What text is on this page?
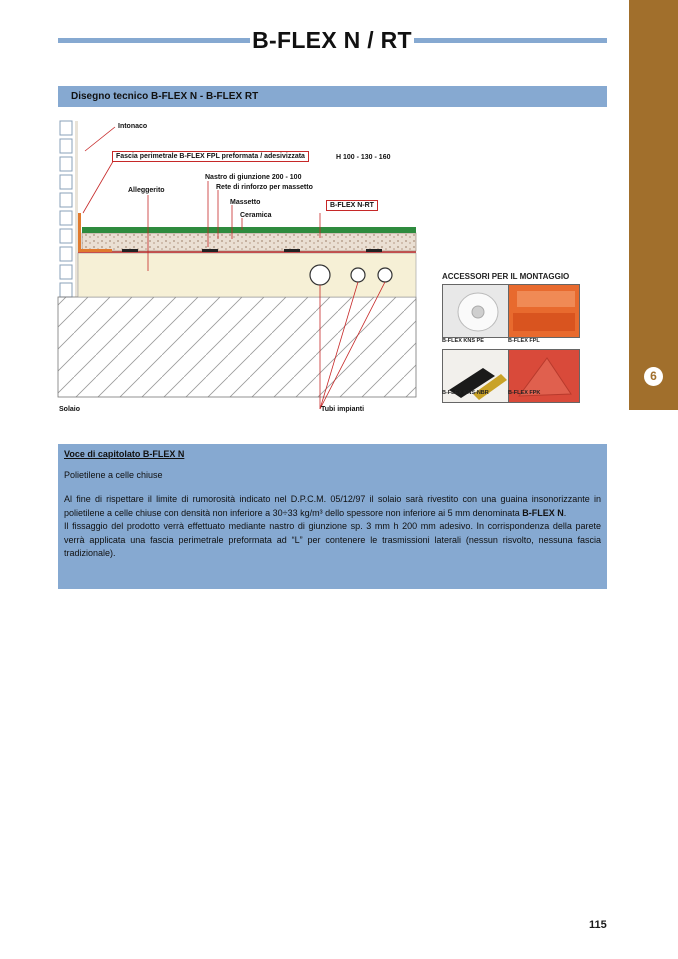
6
B-FLEX N / RT
Disegno tecnico B-FLEX N - B-FLEX RT
Intonaco
Fascia perimetrale B-FLEX FPL preformata / adesivizzata	H 100 - 130 - 160
Nastro di giunzione 200 - 100
Alleggerito	Rete di rinforzo per massetto
Massetto	B-FLEX N-RT
Ceramica
Solaio	Tubi impianti
ACCESSORI PER IL MONTAGGIO
B-FLEX KNS PE	B-FLEX FPL
B-FLEX KNS-NBR	B-FLEX FPK

Voce di capitolato B-FLEX N

Polietilene a celle chiuse

Al fine di rispettare il limite di rumorosità indicato nel D.P.C.M. 05/12/97 il solaio sarà rivestito con una guaina insonorizzante in polietilene a celle chiuse con densità non inferiore a 30÷33 kg/m³ dello spessore non inferiore ai 5 mm denominata B-FLEX N.

Il fissaggio del prodotto verrà effettuato mediante nastro di giunzione sp. 3 mm h 200 mm adesivo. In corrispondenza della parete verrà applicata una fascia perimetrale preformata ad “L” per contenere le trasmissioni laterali (nessun risvolto, nessuna fascia tradizionale).

115
